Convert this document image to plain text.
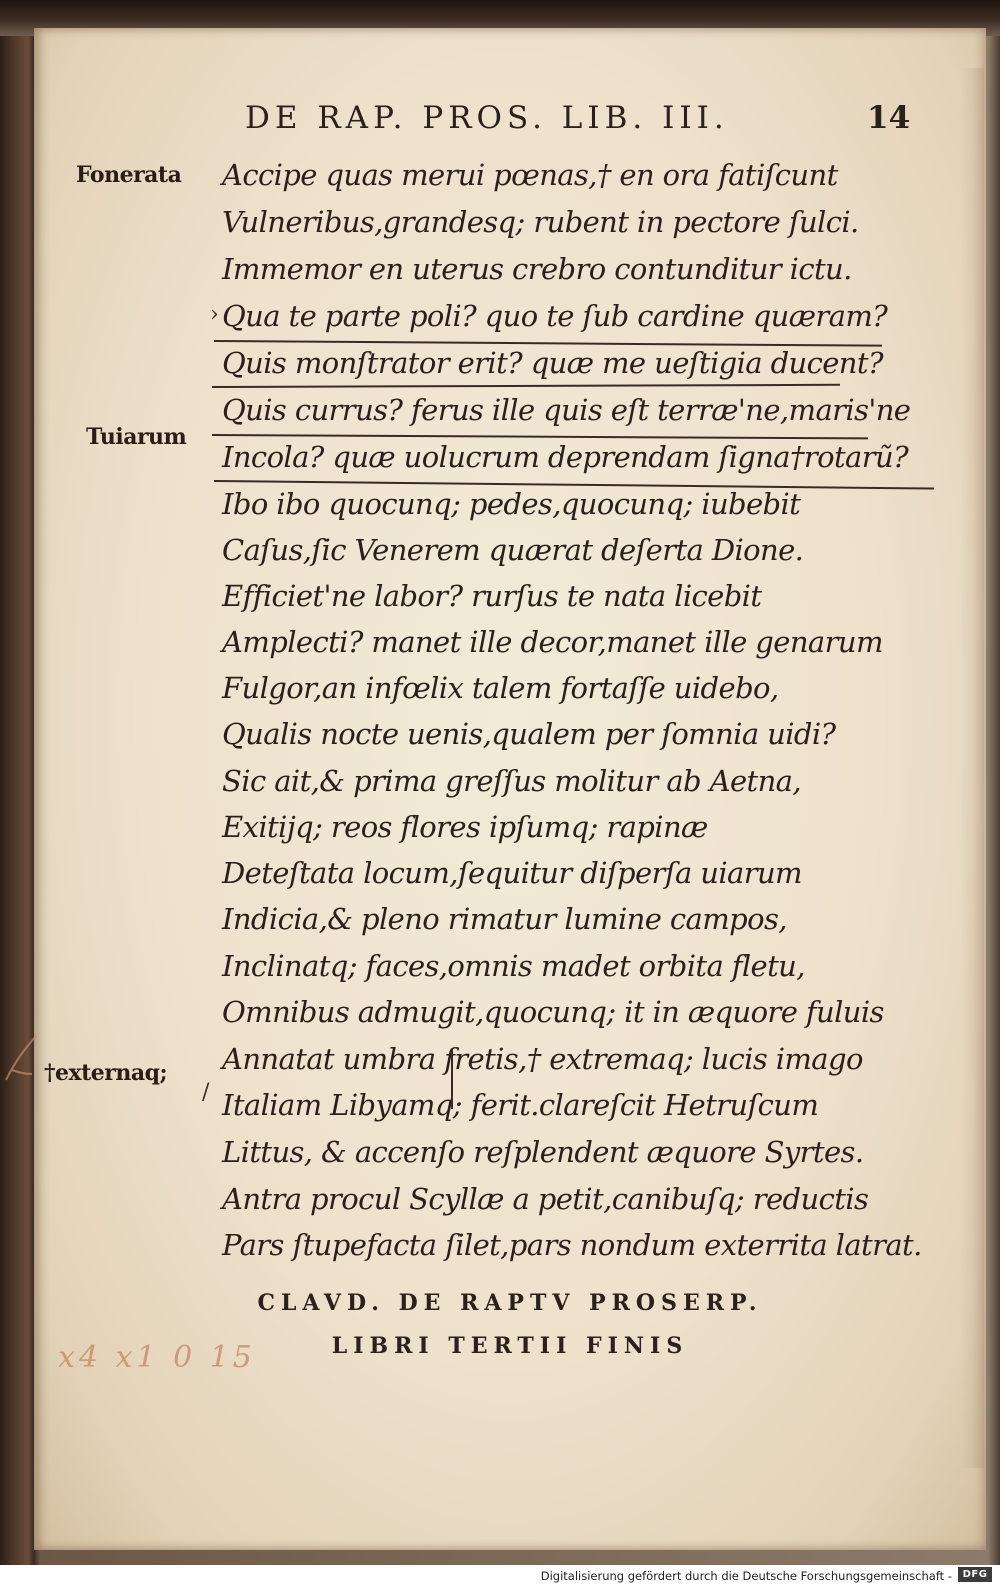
DE RAP. PROS. LIB. III.	14
Fonerata
Tuiarum
†externaq;
Accipe quas merui pœnas,† en ora fatiſcunt
Vulneribus,grandesq; rubent in pectore ſulci.
Immemor en uterus crebro contunditur ictu.
Qua te parte poli? quo te ſub cardine quæram?
Quis monſtrator erit? quæ me ueſtigia ducent?
Quis currus? ferus ille quis eſt terræ'ne,maris'ne
Incola? quæ uolucrum deprendam ſigna†rotarũ?
Ibo ibo quocunq; pedes,quocunq; iubebit
Caſus,ſic Venerem quærat deſerta Dione.
Efficiet'ne labor? rurſus te nata licebit
Amplecti? manet ille decor,manet ille genarum
Fulgor,an infœlix talem fortaſſe uidebo,
Qualis nocte uenis,qualem per ſomnia uidi?
Sic ait,& prima greſſus molitur ab Aetna,
Exitijq; reos flores ipſumq; rapinæ
Deteſtata locum,ſequitur diſperſa uiarum
Indicia,& pleno rimatur lumine campos,
Inclinatq; faces,omnis madet orbita fletu,
Omnibus admugit,quocunq; it in æquore fuluis
Annatat umbra fretis,† extremaq; lucis imago
Italiam Libyamq; ferit.clareſcit Hetruſcum
Littus, & accenſo reſplendent æquore Syrtes.
Antra procul Scyllæ a petit,canibuſq; reductis
Pars ſtupefacta ſilet,pars nondum exterrita latrat.
›
/
CLAVD. DE RAPTV PROSERP.
LIBRI TERTII FINIS
x4 x1 0 15
Digitalisierung gefördert durch die Deutsche Forschungsgemeinschaft -	DFG
